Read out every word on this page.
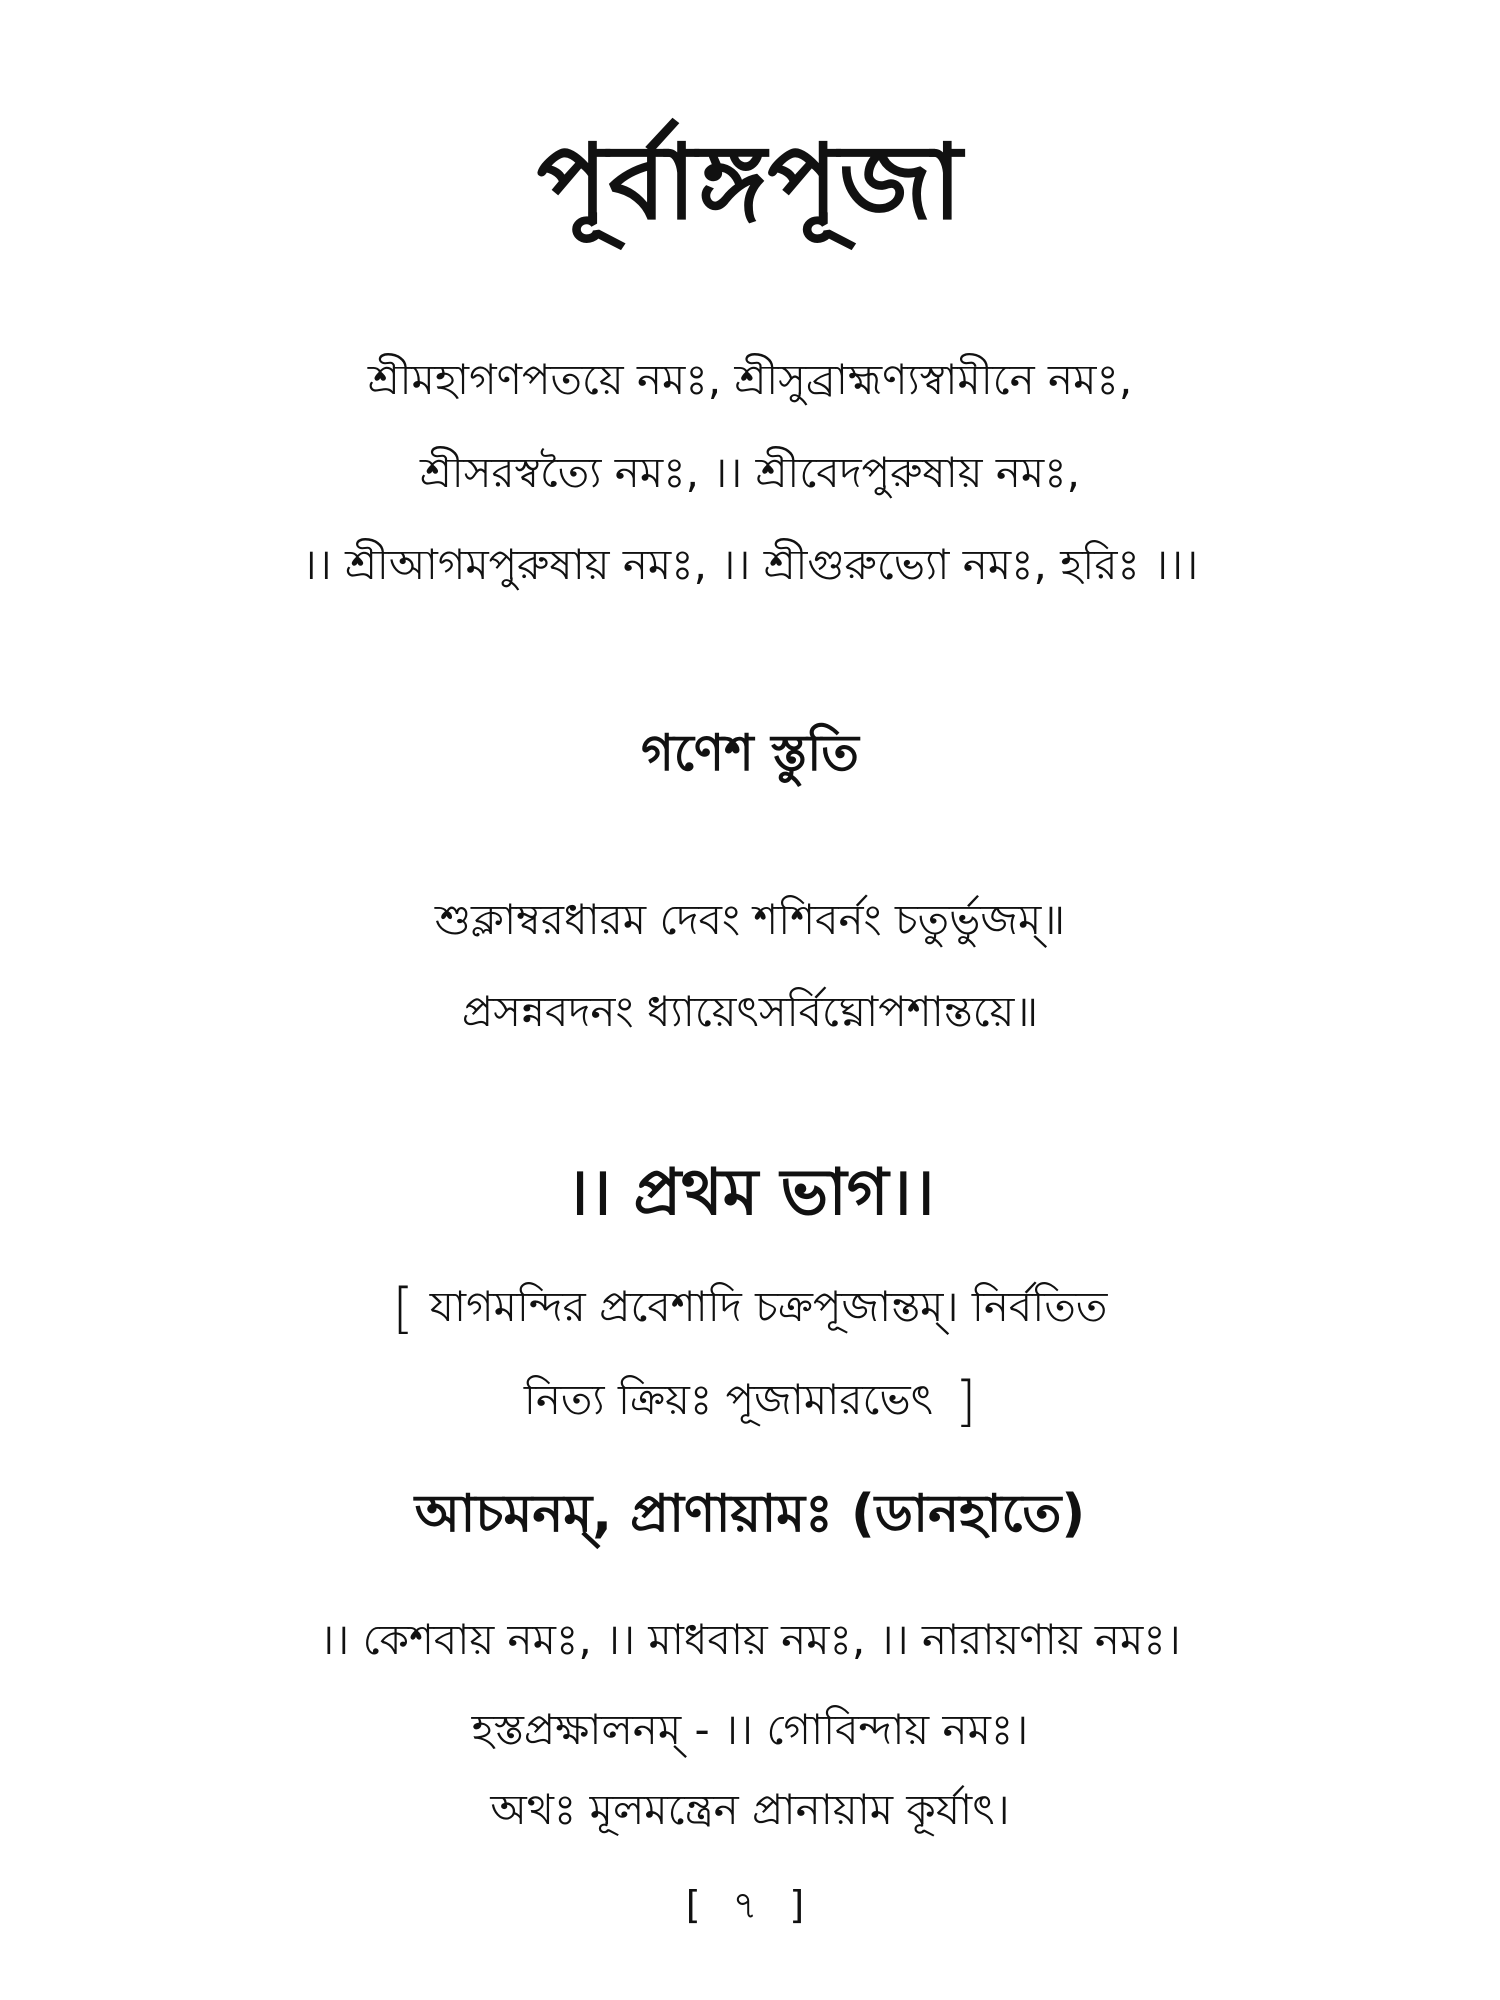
পূর্বাঙ্গপূজা
শ্রীমহাগণপতয়ে নমঃ, শ্রীসুব্রাহ্মণ্যস্বামীনে নমঃ,
শ্রীসরস্বত্যৈ নমঃ, ।। শ্রীবেদপুরুষায় নমঃ,
।। শ্রীআগমপুরুষায় নমঃ, ।। শ্রীগুরুভ্যো নমঃ, হরিঃ ।।।
গণেশ স্তুতি
শুক্লাম্বরধারম দেবং শশিবর্নং চতুর্ভুজম্॥
প্রসন্নবদনং ধ্যায়েৎসর্বিঘ্নোপশান্তয়ে॥
।। প্রথম ভাগ।।
[ যাগমন্দির প্রবেশাদি চক্রপূজান্তম্। নির্বতিত
নিত্য ক্রিয়ঃ পূজামারভেৎ ]
আচমনম্, প্রাণায়ামঃ (ডানহাতে)
।। কেশবায় নমঃ, ।। মাধবায় নমঃ, ।। নারায়ণায় নমঃ।
হস্তপ্রক্ষালনম্ - ।। গোবিন্দায় নমঃ।
অথঃ মূলমন্ত্রেন প্রানায়াম কূর্যাৎ।
[ ৭ ]
